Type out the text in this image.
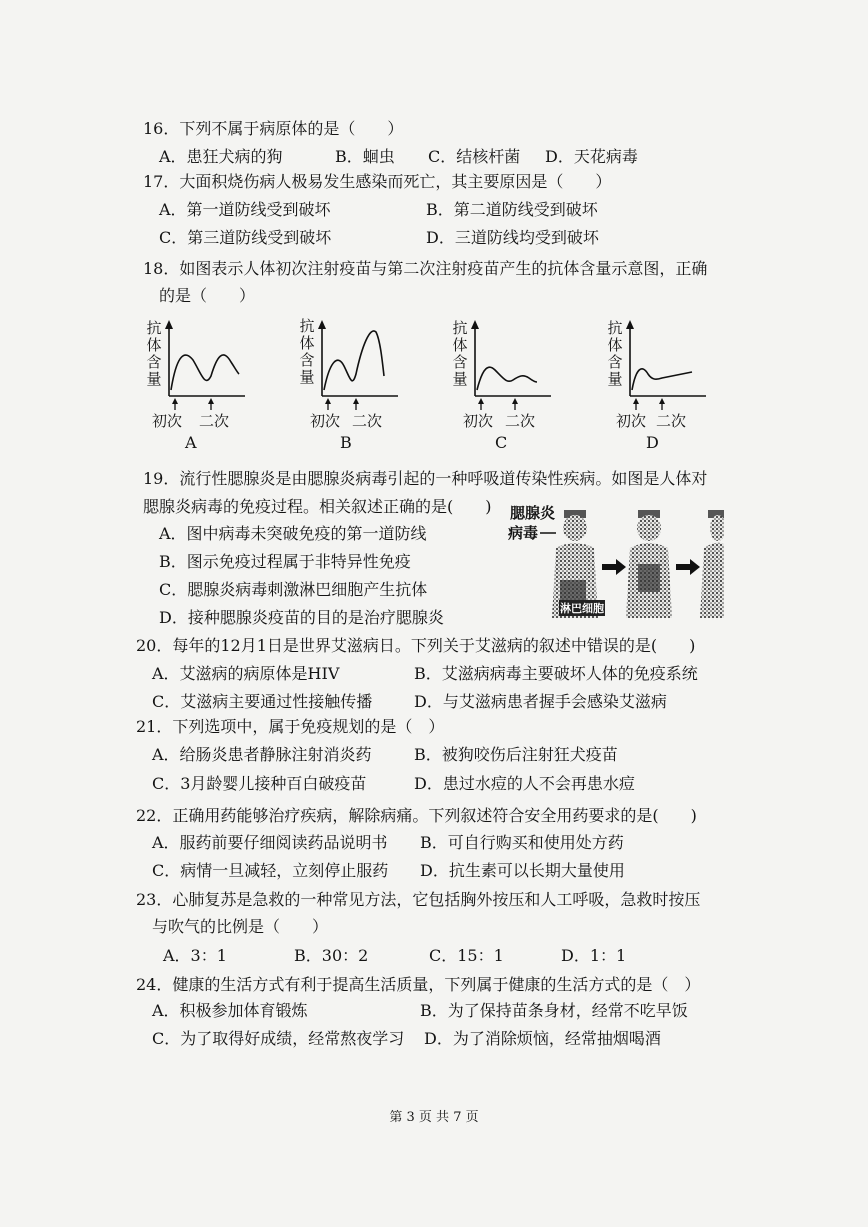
16．下列不属于病原体的是（　　）
A．患狂犬病的狗	B．蛔虫 C．结核杆菌 D．天花病毒
17．大面积烧伤病人极易发生感染而死亡，其主要原因是（　　）
A．第一道防线受到破坏	B．第二道防线受到破坏
C．第三道防线受到破坏	D．三道防线均受到破坏
18．如图表示人体初次注射疫苗与第二次注射疫苗产生的抗体含量示意图，正确
的是（　　）
抗
体
含
量
初次 二次
A
抗
体
含
量
初次 二次
B
抗
体
含
量
初次 二次
C
抗
体
含
量
初次 二次
D
19．流行性腮腺炎是由腮腺炎病毒引起的一种呼吸道传染性疾病。如图是人体对
腮腺炎病毒的免疫过程。相关叙述正确的是(　　)
A．图中病毒未突破免疫的第一道防线
B．图示免疫过程属于非特异性免疫
C．腮腺炎病毒刺激淋巴细胞产生抗体
D．接种腮腺炎疫苗的目的是治疗腮腺炎
腮腺炎
病毒
淋巴细胞
20．每年的12月1日是世界艾滋病日。下列关于艾滋病的叙述中错误的是(　　)
A．艾滋病的病原体是HIV	B．艾滋病病毒主要破坏人体的免疫系统
C．艾滋病主要通过性接触传播	D．与艾滋病患者握手会感染艾滋病
21．下列选项中，属于免疫规划的是（　）
A．给肠炎患者静脉注射消炎药	B．被狗咬伤后注射狂犬疫苗
C．3月龄婴儿接种百白破疫苗	D．患过水痘的人不会再患水痘
22．正确用药能够治疗疾病，解除病痛。下列叙述符合安全用药要求的是(　　)
A．服药前要仔细阅读药品说明书 B．可自行购买和使用处方药
C．病情一旦减轻，立刻停止服药 D．抗生素可以长期大量使用
23．心肺复苏是急救的一种常见方法，它包括胸外按压和人工呼吸，急救时按压
与吹气的比例是（　　）
A．3：1	B．30：2	C．15：1	D．1：1
24．健康的生活方式有利于提高生活质量，下列属于健康的生活方式的是（　）
A．积极参加体育锻炼	B．为了保持苗条身材，经常不吃早饭
C．为了取得好成绩，经常熬夜学习 D．为了消除烦恼，经常抽烟喝酒
第 3 页 共 7 页
